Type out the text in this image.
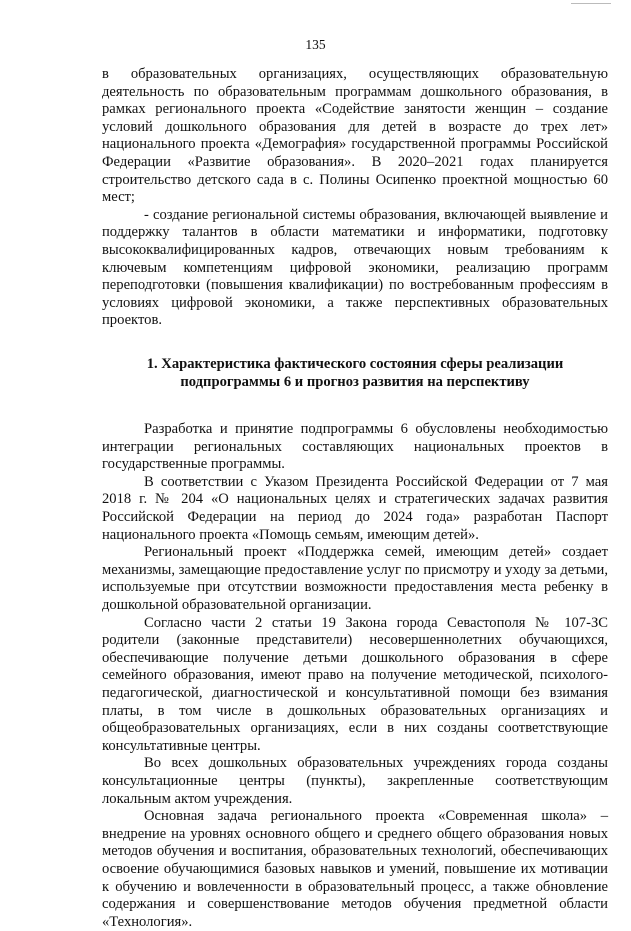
135

в образовательных организациях, осуществляющих образовательную деятельность по образовательным программам дошкольного образования, в рамках регионального проекта «Содействие занятости женщин – создание условий дошкольного образования для детей в возрасте до трех лет» национального проекта «Демография» государственной программы Российской Федерации «Развитие образования». В 2020–2021 годах планируется строительство детского сада в с. Полины Осипенко проектной мощностью 60 мест;

- создание региональной системы образования, включающей выявление и поддержку талантов в области математики и информатики, подготовку высококвалифицированных кадров, отвечающих новым требованиям к ключевым компетенциям цифровой экономики, реализацию программ переподготовки (повышения квалификации) по востребованным профессиям в условиях цифровой экономики, а также перспективных образовательных проектов.

1. Характеристика фактического состояния сферы реализации
подпрограммы 6 и прогноз развития на перспективу

Разработка и принятие подпрограммы 6 обусловлены необходимостью интеграции региональных составляющих национальных проектов в государственные программы.

В соответствии с Указом Президента Российской Федерации от 7 мая 2018 г. № 204 «О национальных целях и стратегических задачах развития Российской Федерации на период до 2024 года» разработан Паспорт национального проекта «Помощь семьям, имеющим детей».

Региональный проект «Поддержка семей, имеющим детей» создает механизмы, замещающие предоставление услуг по присмотру и уходу за детьми, используемые при отсутствии возможности предоставления места ребенку в дошкольной образовательной организации.

Согласно части 2 статьи 19 Закона города Севастополя № 107-ЗС родители (законные представители) несовершеннолетних обучающихся, обеспечивающие получение детьми дошкольного образования в сфере семейного образования, имеют право на получение методической, психолого-педагогической, диагностической и консультативной помощи без взимания платы, в том числе в дошкольных образовательных организациях и общеобразовательных организациях, если в них созданы соответствующие консультативные центры.

Во всех дошкольных образовательных учреждениях города созданы консультационные центры (пункты), закрепленные соответствующим локальным актом учреждения.

Основная задача регионального проекта «Современная школа» – внедрение на уровнях основного общего и среднего общего образования новых методов обучения и воспитания, образовательных технологий, обеспечивающих освоение обучающимися базовых навыков и умений, повышение их мотивации к обучению и вовлеченности в образовательный процесс, а также обновление содержания и совершенствование методов обучения предметной области «Технология».
